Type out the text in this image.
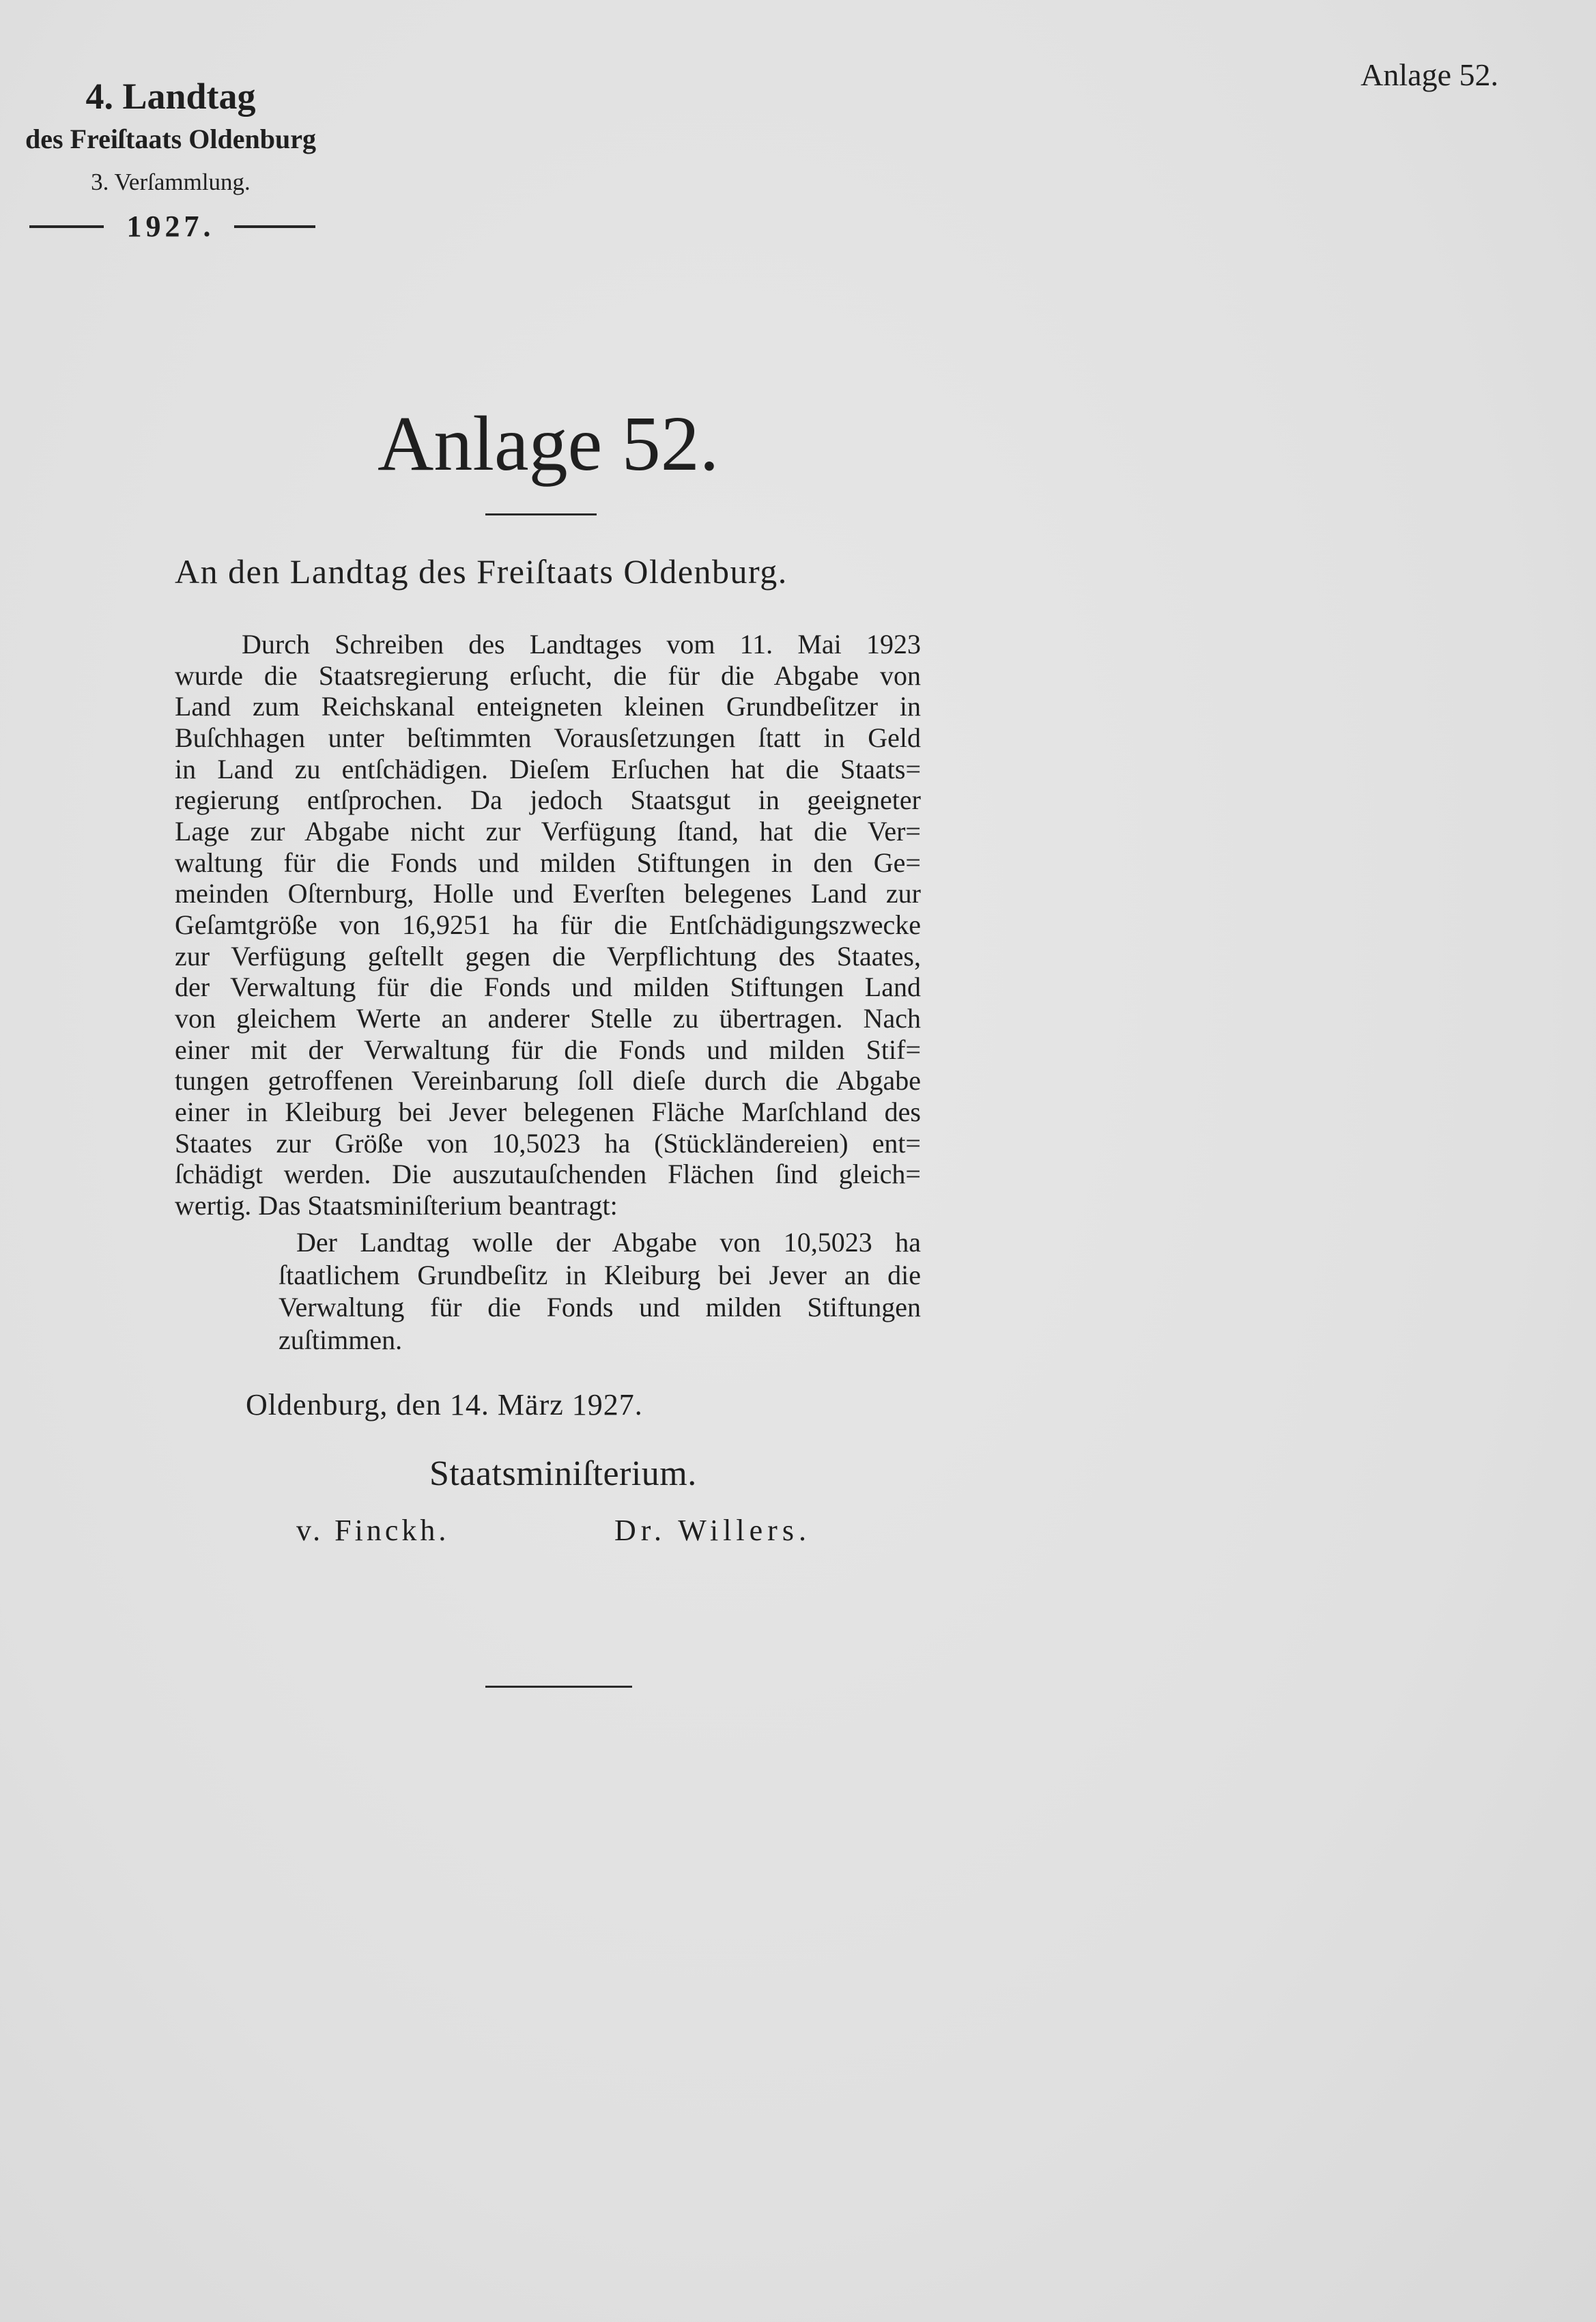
4. Landtag
des Freiſtaats Oldenburg
3. Verſammlung.
1927.
Anlage 52.
Anlage 52.
An den Landtag des Freiſtaats Oldenburg.
Durch Schreiben des Landtages vom 11. Mai 1923
wurde die Staatsregierung erſucht, die für die Abgabe von
Land zum Reichskanal enteigneten kleinen Grundbeſitzer in
Buſchhagen unter beſtimmten Vorausſetzungen ſtatt in Geld
in Land zu entſchädigen. Dieſem Erſuchen hat die Staats=
regierung entſprochen. Da jedoch Staatsgut in geeigneter
Lage zur Abgabe nicht zur Verfügung ſtand, hat die Ver=
waltung für die Fonds und milden Stiftungen in den Ge=
meinden Oſternburg, Holle und Everſten belegenes Land zur
Geſamtgröße von 16,9251 ha für die Entſchädigungszwecke
zur Verfügung geſtellt gegen die Verpflichtung des Staates,
der Verwaltung für die Fonds und milden Stiftungen Land
von gleichem Werte an anderer Stelle zu übertragen. Nach
einer mit der Verwaltung für die Fonds und milden Stif=
tungen getroffenen Vereinbarung ſoll dieſe durch die Abgabe
einer in Kleiburg bei Jever belegenen Fläche Marſchland des
Staates zur Größe von 10,5023 ha (Stückländereien) ent=
ſchädigt werden. Die auszutauſchenden Flächen ſind gleich=
wertig. Das Staatsminiſterium beantragt:
Der Landtag wolle der Abgabe von 10,5023 ha
ſtaatlichem Grundbeſitz in Kleiburg bei Jever an die
Verwaltung für die Fonds und milden Stiftungen
zuſtimmen.
Oldenburg, den 14. März 1927.
Staatsminiſterium.
v. Finckh.	Dr. Willers.
